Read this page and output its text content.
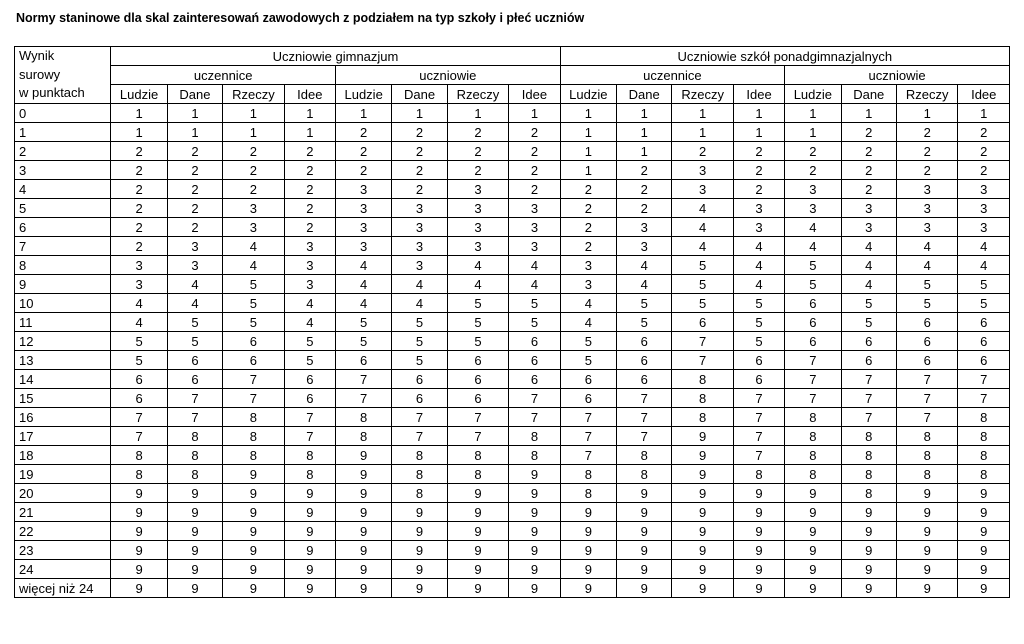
Normy staninowe dla skal zainteresowań zawodowych z podziałem na typ szkoły i płeć uczniów
Wynik
surowy
w punktach	Uczniowie gimnazjum								Uczniowie szkół ponadgimnazjalnych							
	uczennice				uczniowie				uczennice				uczniowie			
	Ludzie	Dane	Rzeczy	Idee	Ludzie	Dane	Rzeczy	Idee	Ludzie	Dane	Rzeczy	Idee	Ludzie	Dane	Rzeczy	Idee
0	1	1	1	1	1	1	1	1	1	1	1	1	1	1	1	1
1	1	1	1	1	2	2	2	2	1	1	1	1	1	2	2	2
2	2	2	2	2	2	2	2	2	1	1	2	2	2	2	2	2
3	2	2	2	2	2	2	2	2	1	2	3	2	2	2	2	2
4	2	2	2	2	3	2	3	2	2	2	3	2	3	2	3	3
5	2	2	3	2	3	3	3	3	2	2	4	3	3	3	3	3
6	2	2	3	2	3	3	3	3	2	3	4	3	4	3	3	3
7	2	3	4	3	3	3	3	3	2	3	4	4	4	4	4	4
8	3	3	4	3	4	3	4	4	3	4	5	4	5	4	4	4
9	3	4	5	3	4	4	4	4	3	4	5	4	5	4	5	5
10	4	4	5	4	4	4	5	5	4	5	5	5	6	5	5	5
11	4	5	5	4	5	5	5	5	4	5	6	5	6	5	6	6
12	5	5	6	5	5	5	5	6	5	6	7	5	6	6	6	6
13	5	6	6	5	6	5	6	6	5	6	7	6	7	6	6	6
14	6	6	7	6	7	6	6	6	6	6	8	6	7	7	7	7
15	6	7	7	6	7	6	6	7	6	7	8	7	7	7	7	7
16	7	7	8	7	8	7	7	7	7	7	8	7	8	7	7	8
17	7	8	8	7	8	7	7	8	7	7	9	7	8	8	8	8
18	8	8	8	8	9	8	8	8	7	8	9	7	8	8	8	8
19	8	8	9	8	9	8	8	9	8	8	9	8	8	8	8	8
20	9	9	9	9	9	8	9	9	8	9	9	9	9	8	9	9
21	9	9	9	9	9	9	9	9	9	9	9	9	9	9	9	9
22	9	9	9	9	9	9	9	9	9	9	9	9	9	9	9	9
23	9	9	9	9	9	9	9	9	9	9	9	9	9	9	9	9
24	9	9	9	9	9	9	9	9	9	9	9	9	9	9	9	9
więcej niż 24	9	9	9	9	9	9	9	9	9	9	9	9	9	9	9	9
